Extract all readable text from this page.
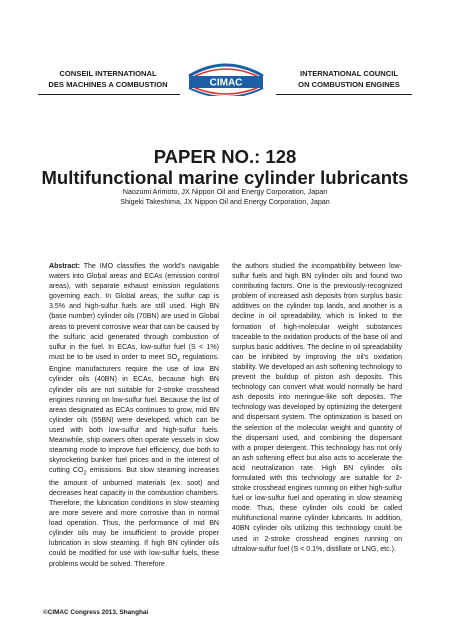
CONSEIL INTERNATIONAL
DES MACHINES A COMBUSTION	CIMAC
INTERNATIONAL COUNCIL
ON COMBUSTION ENGINES
PAPER NO.: 128
Multifunctional marine cylinder lubricants
Naozumi Arimoto, JX Nippon Oil and Energy Corporation, Japan
Shigeki Takeshima, JX Nippon Oil and Energy Corporation, Japan

Abstract: The IMO classifies the world’s navigable waters into Global areas and ECAs (emission control areas), with separate exhaust emission regulations governing each. In Global areas, the sulfur cap is 3.5% and high-sulfur fuels are still used. High BN (base number) cylinder oils (70BN) are used in Global areas to prevent corrosive wear that can be caused by the sulfuric acid generated through combustion of sulfur in the fuel. In ECAs, low-sulfur fuel (S < 1%) must be to be used in order to meet $SO_x$ regulations. Engine manufacturers require the use of low BN cylinder oils (40BN) in ECAs, because high BN cylinder oils are not suitable for 2-stroke crosshead engines running on low-sulfur fuel. Because the list of areas designated as ECAs continues to grow, mid BN cylinder oils (55BN) were developed, which can be used with both low-sulfur and high-sulfur fuels. Meanwhile, ship owners often operate vessels in slow steaming mode to improve fuel efficiency, due both to skyrocketing bunker fuel prices and in the interest of cutting $CO_2$ emissions. But slow steaming increases the amount of unburned materials (ex. soot) and decreases heat capacity in the combustion chambers. Therefore, the lubrication conditions in slow steaming are more severe and more corrosive than in normal load operation. Thus, the performance of mid BN cylinder oils may be insufficient to provide proper lubrication in slow steaming. If high BN cylinder oils could be modified for use with low-sulfur fuels, these problems would be solved. Therefore

the authors studied the incompatibility between low-sulfur fuels and high BN cylinder oils and found two contributing factors. One is the previously-recognized problem of increased ash deposits from surplus basic additives on the cylinder top lands, and another is a decline in oil spreadability, which is linked to the formation of high-molecular weight substances traceable to the oxidation products of the base oil and surplus basic additives. The decline in oil spreadability can be inhibited by improving the oil’s oxidation stability. We developed an ash softening technology to prevent the buildup of piston ash deposits. This technology can convert what would normally be hard ash deposits into meringue-like soft deposits. The technology was developed by optimizing the detergent and dispersant system. The optimization is based on the selection of the molecular weight and quantity of the dispersant used, and combining the dispersant with a proper detergent. This technology has not only an ash softening effect but also acts to accelerate the acid neutralization rate. High BN cylinder oils formulated with this technology are suitable for 2-stroke crosshead engines running on either high-sulfur fuel or low-sulfur fuel and operating in slow steaming mode. Thus, these cylinder oils could be called multifunctional marine cylinder lubricants. In addition, 40BN cylinder oils utilizing this technology could be used in 2-stroke crosshead engines running on ultralow-sulfur fuel (S < 0.1%, distillate or LNG, etc.).

©CIMAC Congress 2013, Shanghai
